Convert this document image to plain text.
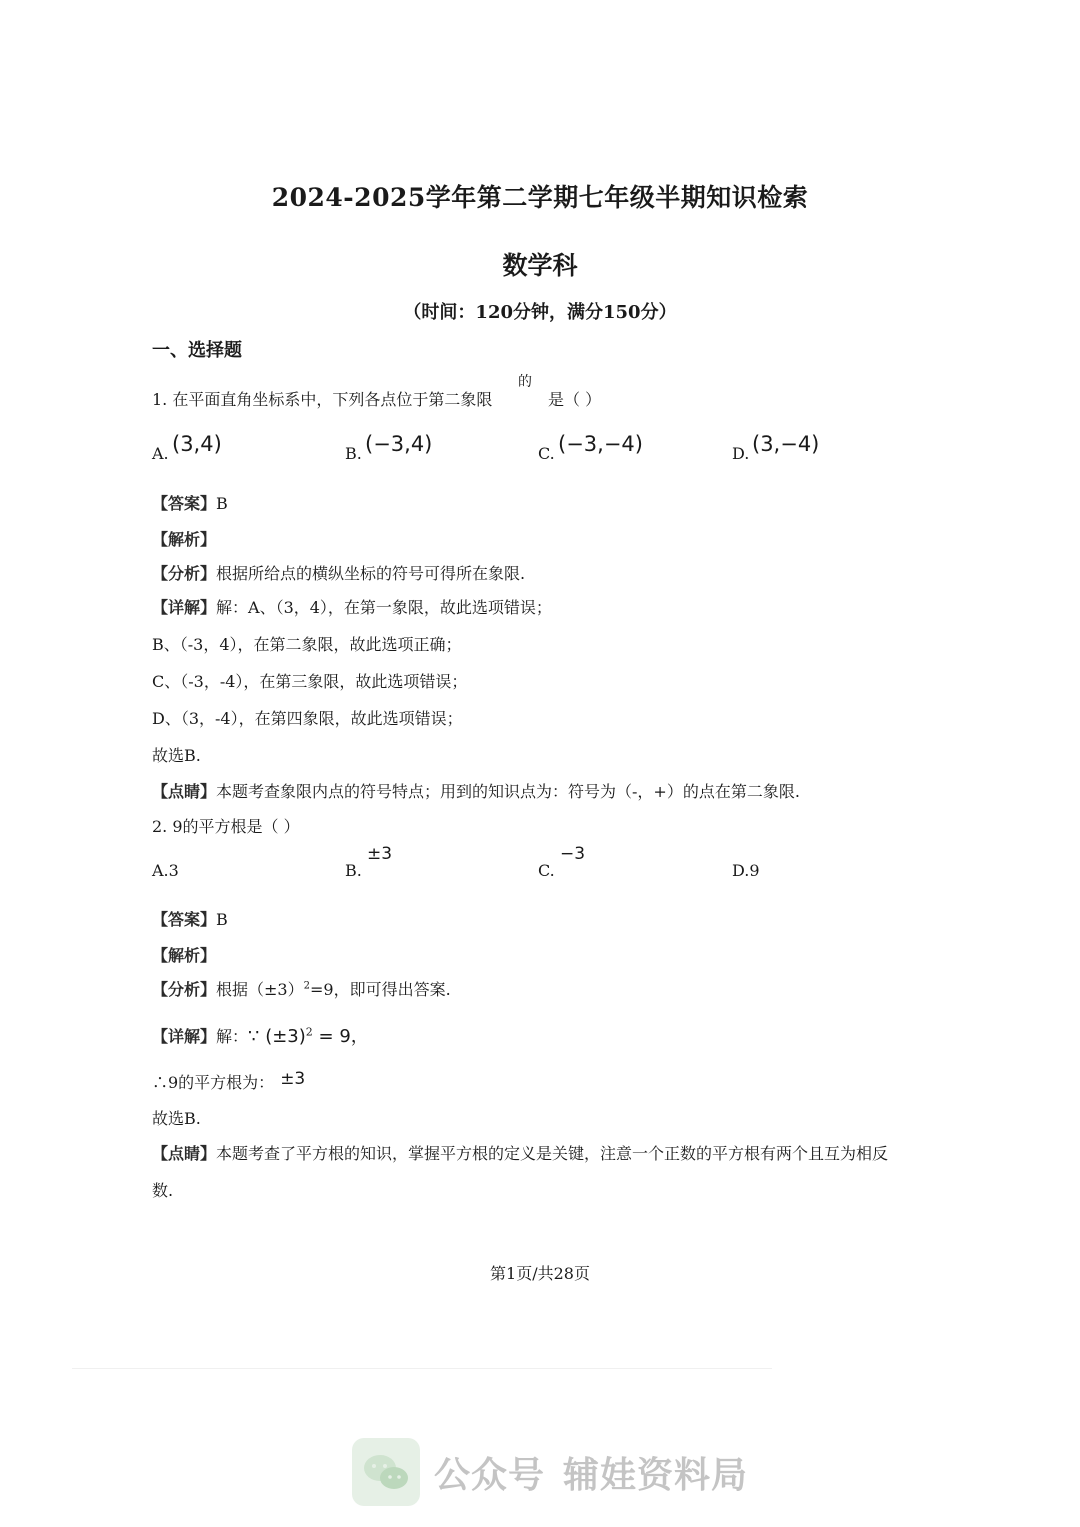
2024-2025学年第二学期七年级半期知识检索
数学科
（时间：120分钟，满分150分）
一、选择题
1. 在平面直角坐标系中，下列各点位于第二象限
的
是（ ）
A. (3,4)	B. (−3,4)	C. (−3,−4)	D. (3,−4)
【答案】B
【解析】
【分析】根据所给点的横纵坐标的符号可得所在象限.
【详解】解：A、（3，4），在第一象限，故此选项错误；
B、（-3，4），在第二象限，故此选项正确；
C、（-3，-4），在第三象限，故此选项错误；
D、（3，-4），在第四象限，故此选项错误；
故选B.
【点睛】本题考查象限内点的符号特点；用到的知识点为：符号为（-，+）的点在第二象限.
2. 9的平方根是（ ）
A.3	B.
±3
C.
−3
D.9
【答案】B
【解析】
【分析】根据$(\pm 3)^2=9$，即可得出答案.
【详解】解：∵ $(\pm 3)^2 = 9$，
∴9的平方根为： ±3
故选B.
【点睛】本题考查了平方根的知识，掌握平方根的定义是关键，注意一个正数的平方根有两个且互为相反
数.
第1页/共28页
公众号 辅娃资料局
